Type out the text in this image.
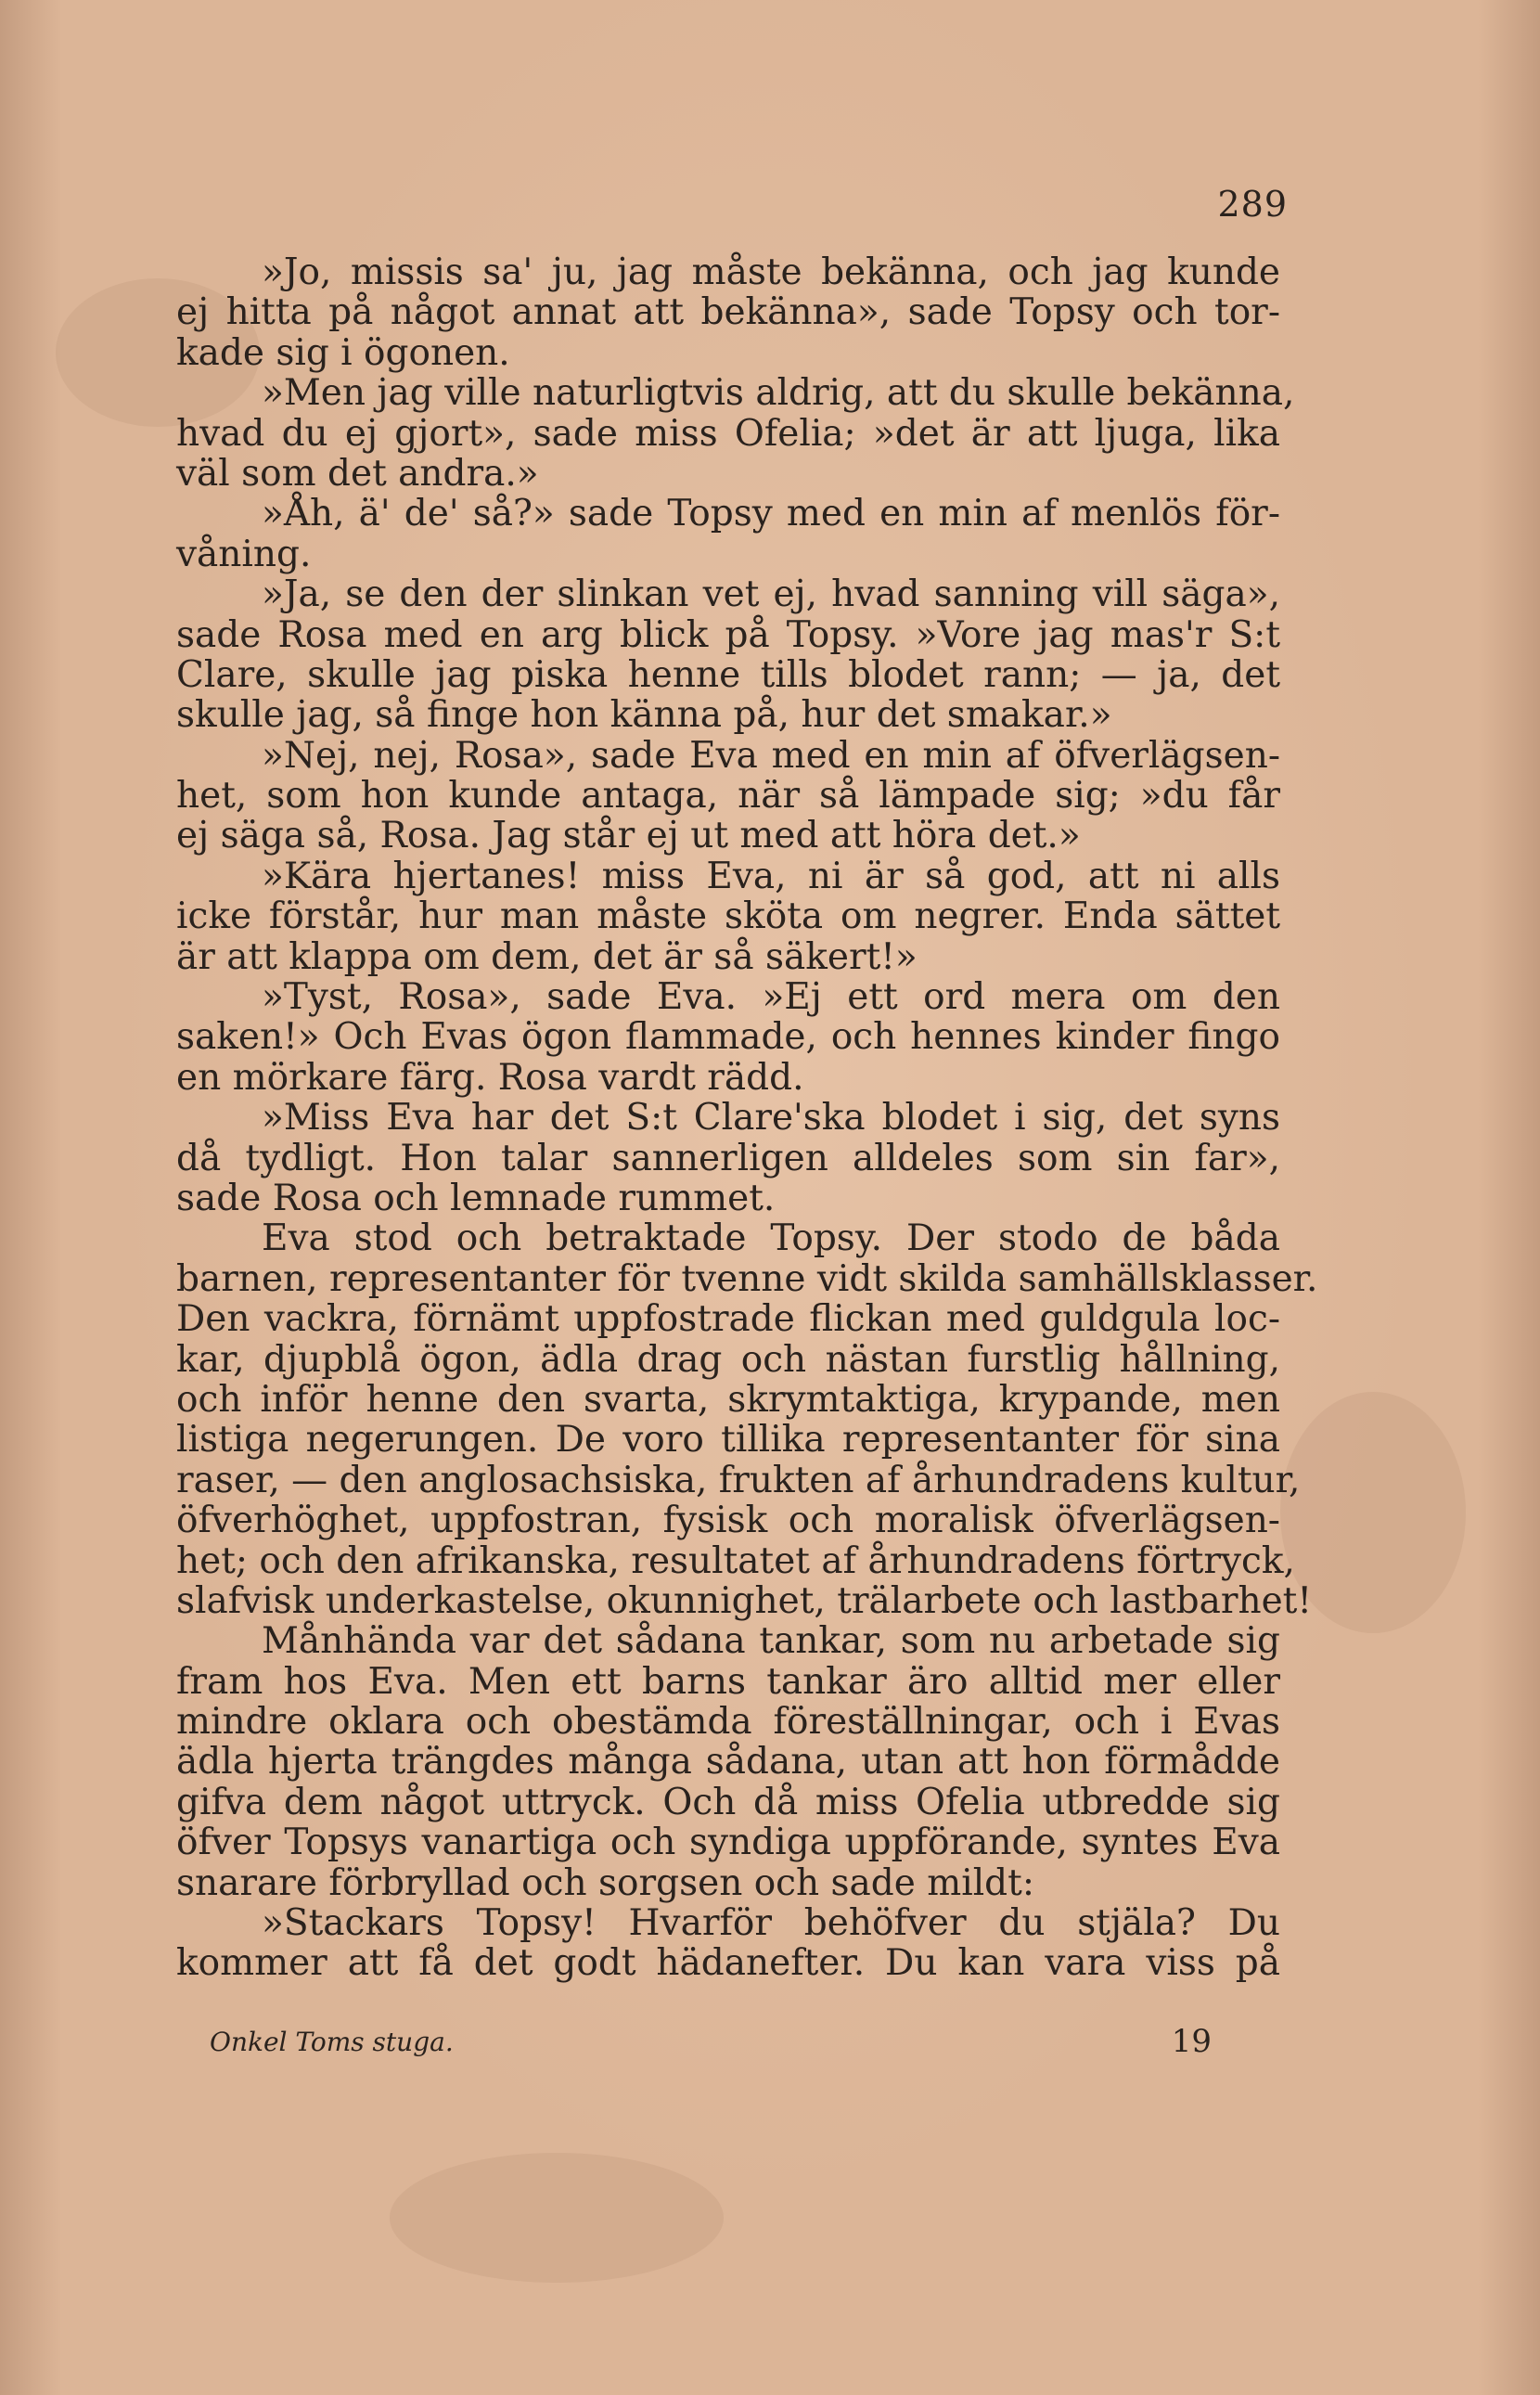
289
»Jo, missis sa' ju, jag måste bekänna, och jag kunde
ej hitta på något annat att bekänna», sade Topsy och tor-
kade sig i ögonen.
»Men jag ville naturligtvis aldrig, att du skulle bekänna,
hvad du ej gjort», sade miss Ofelia; »det är att ljuga, lika
väl som det andra.»
»Åh, ä' de' så?» sade Topsy med en min af menlös för-
våning.
»Ja, se den der slinkan vet ej, hvad sanning vill säga»,
sade Rosa med en arg blick på Topsy. »Vore jag mas'r S:t
Clare, skulle jag piska henne tills blodet rann; — ja, det
skulle jag, så finge hon känna på, hur det smakar.»
»Nej, nej, Rosa», sade Eva med en min af öfverlägsen-
het, som hon kunde antaga, när så lämpade sig; »du får
ej säga så, Rosa. Jag står ej ut med att höra det.»
»Kära hjertanes! miss Eva, ni är så god, att ni alls
icke förstår, hur man måste sköta om negrer. Enda sättet
är att klappa om dem, det är så säkert!»
»Tyst, Rosa», sade Eva. »Ej ett ord mera om den
saken!» Och Evas ögon flammade, och hennes kinder fingo
en mörkare färg. Rosa vardt rädd.
»Miss Eva har det S:t Clare'ska blodet i sig, det syns
då tydligt. Hon talar sannerligen alldeles som sin far»,
sade Rosa och lemnade rummet.
Eva stod och betraktade Topsy. Der stodo de båda
barnen, representanter för tvenne vidt skilda samhällsklasser.
Den vackra, förnämt uppfostrade flickan med guldgula loc-
kar, djupblå ögon, ädla drag och nästan furstlig hållning,
och inför henne den svarta, skrymtaktiga, krypande, men
listiga negerungen. De voro tillika representanter för sina
raser, — den anglosachsiska, frukten af århundradens kultur,
öfverhöghet, uppfostran, fysisk och moralisk öfverlägsen-
het; och den afrikanska, resultatet af århundradens förtryck,
slafvisk underkastelse, okunnighet, trälarbete och lastbarhet!
Månhända var det sådana tankar, som nu arbetade sig
fram hos Eva. Men ett barns tankar äro alltid mer eller
mindre oklara och obestämda föreställningar, och i Evas
ädla hjerta trängdes många sådana, utan att hon förmådde
gifva dem något uttryck. Och då miss Ofelia utbredde sig
öfver Topsys vanartiga och syndiga uppförande, syntes Eva
snarare förbryllad och sorgsen och sade mildt:
»Stackars Topsy! Hvarför behöfver du stjäla? Du
kommer att få det godt hädanefter. Du kan vara viss på
Onkel Toms stuga.	19
